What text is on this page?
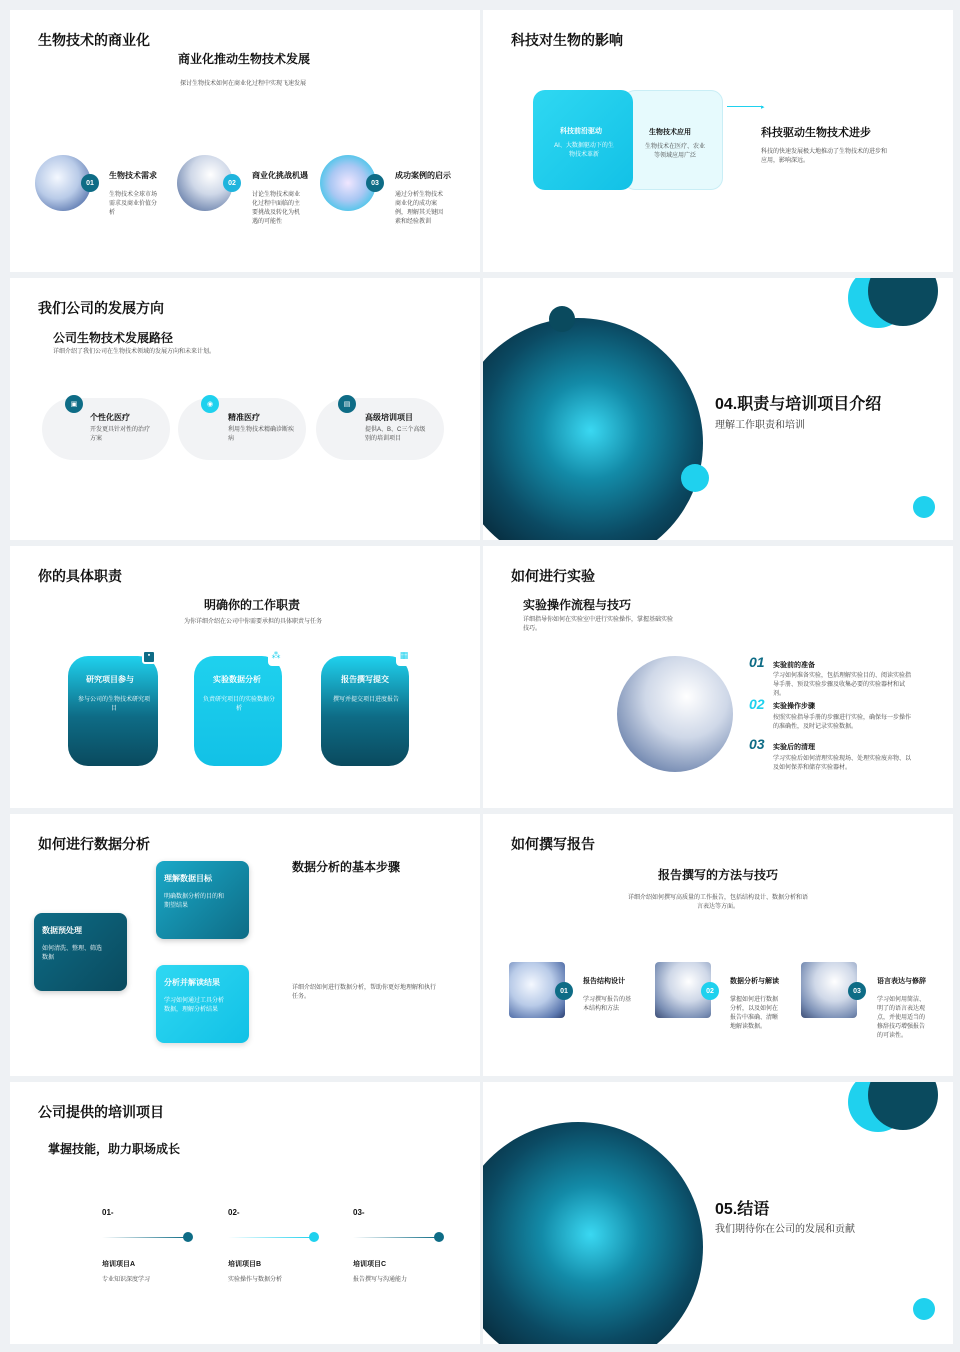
生物技术的商业化
商业化推动生物技术发展
探讨生物技术如何在商业化过程中实现飞速发展
01
生物技术需求
生物技术全球市场需求及商业价值分析
02
商业化挑战机遇
讨论生物技术商业化过程中面临的主要挑战及转化为机遇的可能性
03
成功案例的启示
通过分析生物技术商业化的成功案例，理解其关键因素和经验教训
科技对生物的影响
生物技术应用
生物技术在医疗、农业等领域应用广泛
科技前沿驱动
AI、大数据驱动下的生物技术革新
▸
科技驱动生物技术进步
科技的快速发展极大地推动了生物技术的进步和应用，影响深远。
我们公司的发展方向
公司生物技术发展路径
详细介绍了我们公司在生物技术领域的发展方向和未来计划。
▣
个性化医疗
开发更具针对性的治疗方案
◉
精准医疗
利用生物技术精确诊断疾病
▤
高级培训项目
提供A、B、C三个高级别的培训项目
04.职责与培训项目介绍
理解工作职责和培训
你的具体职责
明确你的工作职责
为你详细介绍在公司中你需要承担的具体职责与任务
研究项目参与
参与公司的生物技术研究项目
▪
实验数据分析
负责研究项目的实验数据分析
⁂
报告撰写提交
撰写并提交项目进度报告
▦
如何进行实验
实验操作流程与技巧
详细指导你如何在实验室中进行实验操作，掌握基础实验技巧。
01 实验前的准备
学习如何准备实验，包括理解实验目的、阅读实验指导手册、预设实验步骤及收集必要的实验器材和试剂。
02 实验操作步骤
按照实验指导手册的步骤进行实验，确保每一步操作的准确性，及时记录实验数据。
03 实验后的清理
学习实验后如何清理实验现场、处理实验废弃物、以及如何保养和储存实验器材。
如何进行数据分析
数据预处理
如何清洗、整理、筛选数据
理解数据目标
明确数据分析的目的和期望结果
分析并解读结果
学习如何通过工具分析数据，理解分析结果
数据分析的基本步骤
详细介绍如何进行数据分析，帮助你更好地理解和执行任务。
如何撰写报告
报告撰写的方法与技巧
详细介绍如何撰写高质量的工作报告，包括结构设计、数据分析和语言表达等方面。
01
报告结构设计
学习撰写报告的基本结构和方法
02
数据分析与解读
掌握如何进行数据分析，以及如何在报告中准确、清晰地解读数据。
03
语言表达与修辞
学习如何用简洁、明了的语言表达观点，并使用适当的修辞技巧增强报告的可读性。
公司提供的培训项目
掌握技能，助力职场成长
01-
培训项目A
专业知识深度学习
02-
培训项目B
实验操作与数据分析
03-
培训项目C
报告撰写与沟通能力
05.结语
我们期待你在公司的发展和贡献
